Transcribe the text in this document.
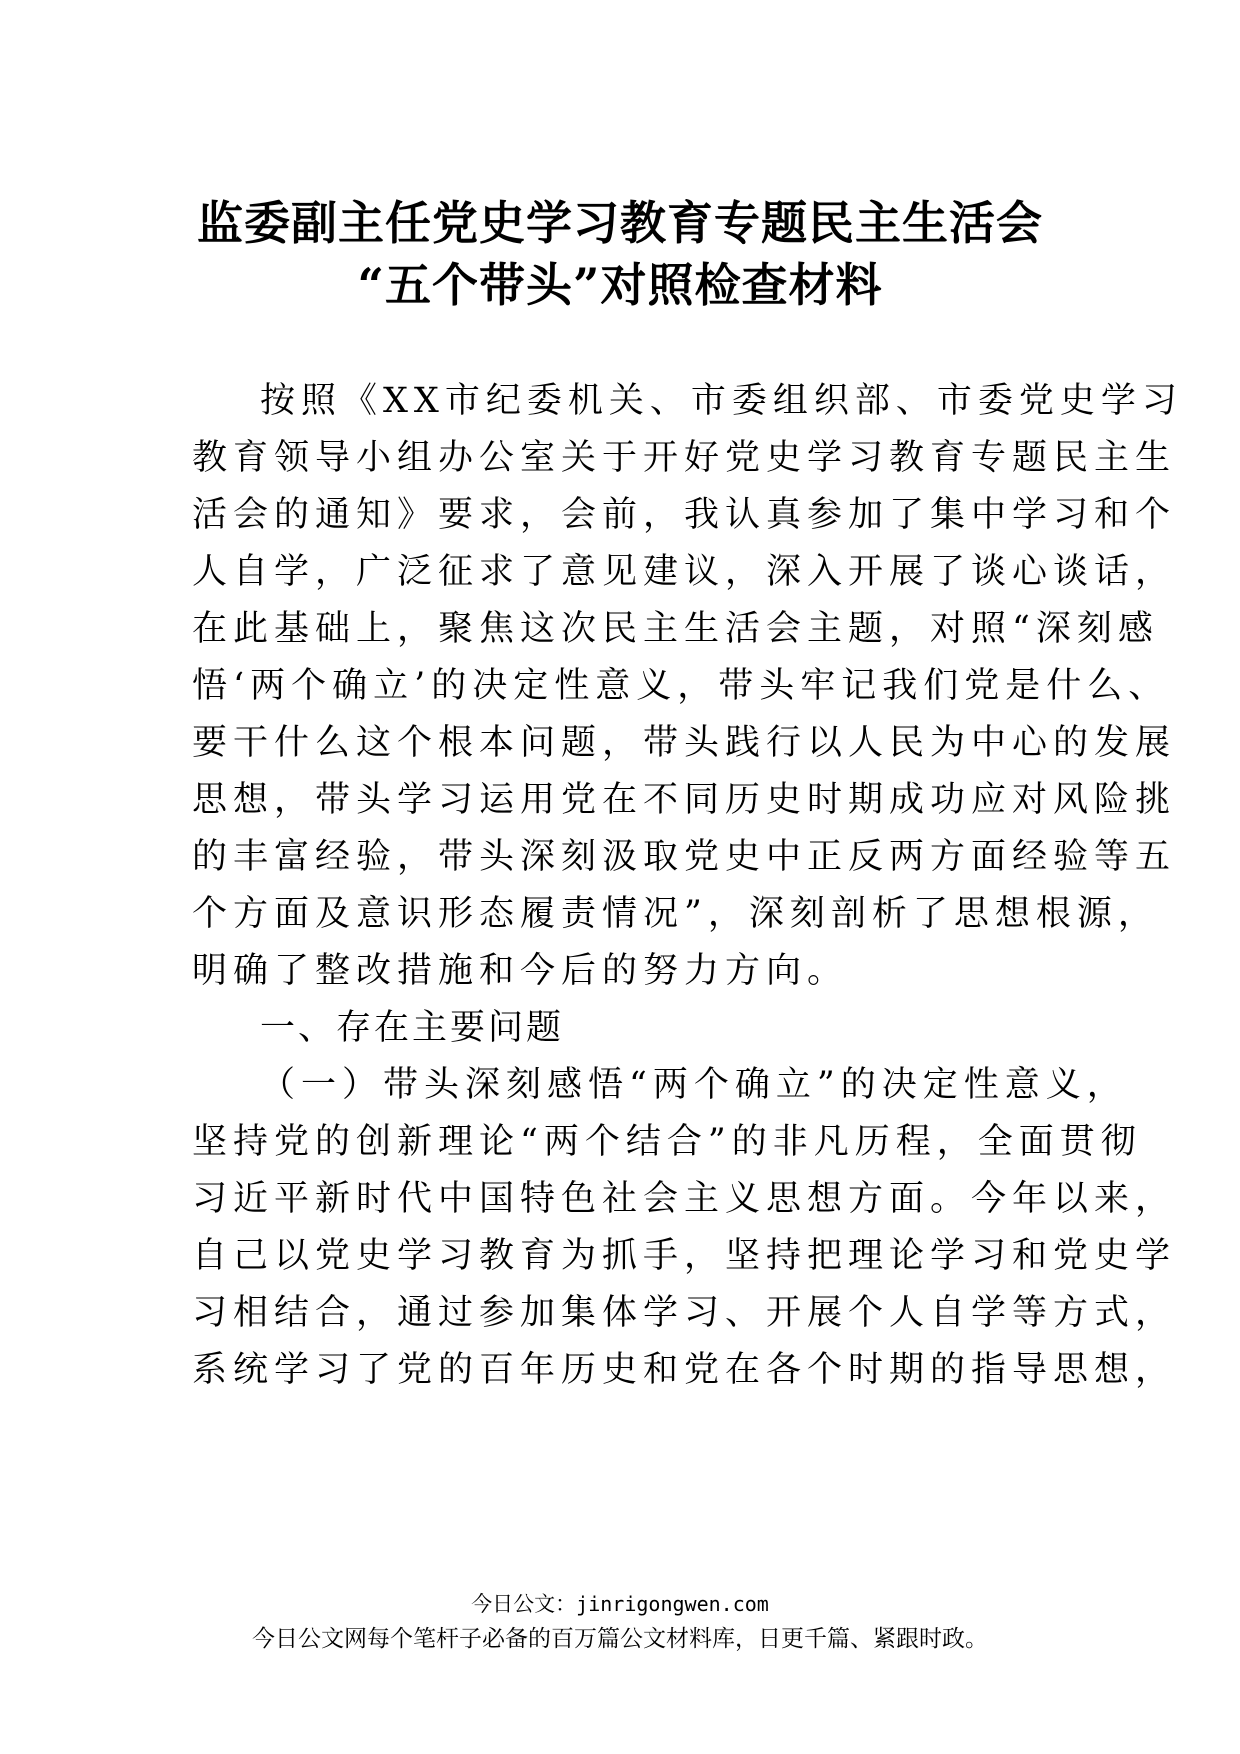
监委副主任党史学习教育专题民主生活会
“五个带头”对照检查材料
按照《XX市纪委机关、市委组织部、市委党史学习
教育领导小组办公室关于开好党史学习教育专题民主生
活会的通知》要求，会前，我认真参加了集中学习和个
人自学，广泛征求了意见建议，深入开展了谈心谈话，
在此基础上，聚焦这次民主生活会主题，对照“深刻感
悟‘两个确立’的决定性意义，带头牢记我们党是什么、
要干什么这个根本问题，带头践行以人民为中心的发展
思想，带头学习运用党在不同历史时期成功应对风险挑
的丰富经验，带头深刻汲取党史中正反两方面经验等五
个方面及意识形态履责情况”，深刻剖析了思想根源，
明确了整改措施和今后的努力方向。
一、存在主要问题
（一）带头深刻感悟“两个确立”的决定性意义，
坚持党的创新理论“两个结合”的非凡历程，全面贯彻
习近平新时代中国特色社会主义思想方面。今年以来，
自己以党史学习教育为抓手，坚持把理论学习和党史学
习相结合，通过参加集体学习、开展个人自学等方式，
系统学习了党的百年历史和党在各个时期的指导思想，
今日公文：jinrigongwen.com
今日公文网每个笔杆子必备的百万篇公文材料库，日更千篇、紧跟时政。
